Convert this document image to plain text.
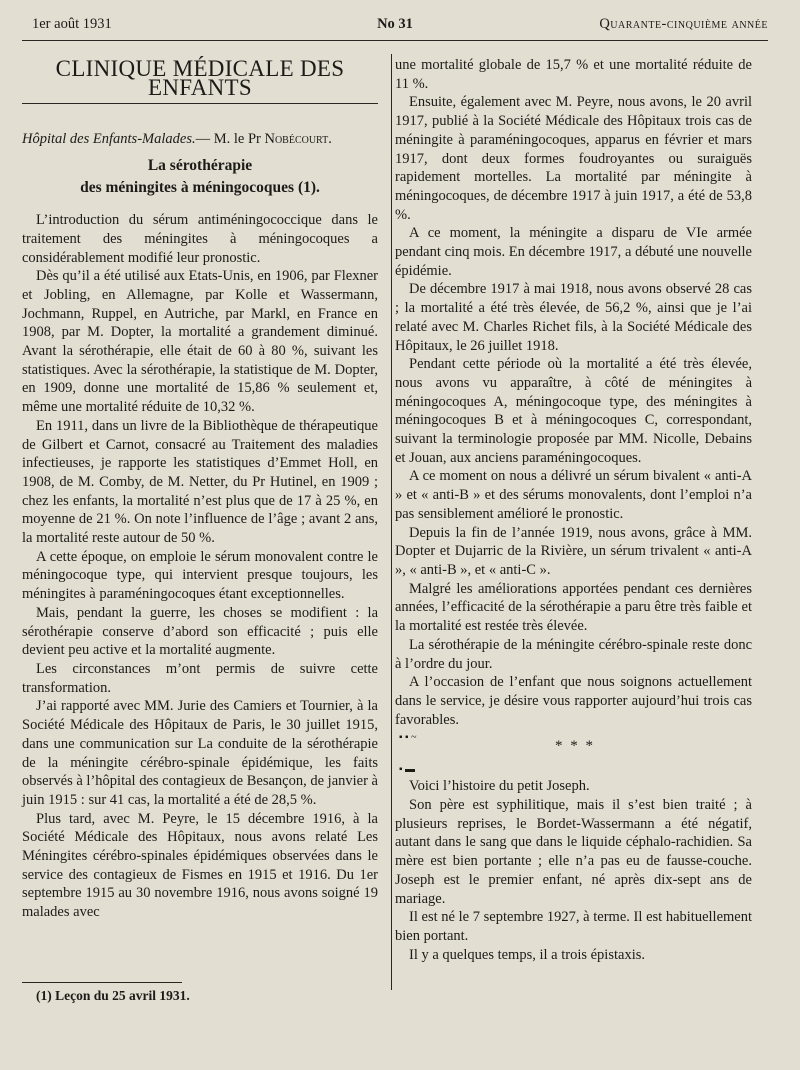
1er août 1931	No 31	Quarante-cinquième année
CLINIQUE MÉDICALE DES ENFANTS
Hôpital des Enfants-Malades.— M. le Pr Nobécourt.
La sérothérapie
des méningites à méningocoques (1).

L’introduction du sérum antiméningococcique dans le traitement des méningites à méningocoques a considérablement modifié leur pronostic.

Dès qu’il a été utilisé aux Etats-Unis, en 1906, par Flexner et Jobling, en Allemagne, par Kolle et Wassermann, Jochmann, Ruppel, en Autriche, par Markl, en France en 1908, par M. Dopter, la mortalité a grandement diminué. Avant la sérothérapie, elle était de 60 à 80 %, suivant les statistiques. Avec la sérothérapie, la statistique de M. Dopter, en 1909, donne une mortalité de 15,86 % seulement et, même une mortalité réduite de 10,32 %.

En 1911, dans un livre de la Bibliothèque de thérapeutique de Gilbert et Carnot, consacré au Traitement des maladies infectieuses, je rapporte les statistiques d’Emmet Holl, en 1908, de M. Comby, de M. Netter, du Pr Hutinel, en 1909 ; chez les enfants, la mortalité n’est plus que de 17 à 25 %, en moyenne de 21 %. On note l’influence de l’âge ; avant 2 ans, la mortalité reste autour de 50 %.

A cette époque, on emploie le sérum monovalent contre le méningocoque type, qui intervient presque toujours, les méningites à paraméningocoques étant exceptionnelles.

Mais, pendant la guerre, les choses se modifient : la sérothérapie conserve d’abord son efficacité ; puis elle devient peu active et la mortalité augmente.

Les circonstances m’ont permis de suivre cette transformation.

J’ai rapporté avec MM. Jurie des Camiers et Tournier, à la Société Médicale des Hôpitaux de Paris, le 30 juillet 1915, dans une communication sur La conduite de la sérothérapie de la méningite cérébro-spinale épidémique, les faits observés à l’hôpital des contagieux de Besançon, de janvier à juin 1915 : sur 41 cas, la mortalité a été de 28,5 %.

Plus tard, avec M. Peyre, le 15 décembre 1916, à la Société Médicale des Hôpitaux, nous avons relaté Les Méningites cérébro-spinales épidémiques observées dans le service des contagieux de Fismes en 1915 et 1916. Du 1er septembre 1915 au 30 novembre 1916, nous avons soigné 19 malades avec

une mortalité globale de 15,7 % et une mortalité réduite de 11 %.

Ensuite, également avec M. Peyre, nous avons, le 20 avril 1917, publié à la Société Médicale des Hôpitaux trois cas de méningite à paraméningocoques, apparus en février et mars 1917, dont deux formes foudroyantes ou suraiguës rapidement mortelles. La mortalité par méningite à méningocoques, de décembre 1917 à juin 1917, a été de 53,8 %.

A ce moment, la méningite a disparu de VIe armée pendant cinq mois. En décembre 1917, a débuté une nouvelle épidémie.

De décembre 1917 à mai 1918, nous avons observé 28 cas ; la mortalité a été très élevée, de 56,2 %, ainsi que je l’ai relaté avec M. Charles Richet fils, à la Société Médicale des Hôpitaux, le 26 juillet 1918.

Pendant cette période où la mortalité a été très élevée, nous avons vu apparaître, à côté de méningites à méningocoques A, méningocoque type, des méningites à méningocoques B et à méningocoques C, correspondant, suivant la terminologie proposée par MM. Nicolle, Debains et Jouan, aux anciens paraméningocoques.

A ce moment on nous a délivré un sérum bivalent « anti-A » et « anti-B » et des sérums monovalents, dont l’emploi n’a pas sensiblement amélioré le pronostic.

Depuis la fin de l’année 1919, nous avons, grâce à MM. Dopter et Dujarric de la Rivière, un sérum trivalent « anti-A », « anti-B », et « anti-C ».

Malgré les améliorations apportées pendant ces dernières années, l’efficacité de la sérothérapie a paru être très faible et la mortalité est restée très élevée.

La sérothérapie de la méningite cérébro-spinale reste donc à l’ordre du jour.

A l’occasion de l’enfant que nous soignons actuellement dans le service, je désire vous rapporter aujourd’hui trois cas favorables.

▪ ▪ ~
* * *
▪ ▬

Voici l’histoire du petit Joseph.

Son père est syphilitique, mais il s’est bien traité ; à plusieurs reprises, le Bordet-Wassermann a été négatif, autant dans le sang que dans le liquide céphalo-rachidien. Sa mère est bien portante ; elle n’a pas eu de fausse-couche. Joseph est le premier enfant, né après dix-sept ans de mariage.

Il est né le 7 septembre 1927, à terme. Il est habituellement bien portant.

Il y a quelques temps, il a trois épistaxis.

(1) Leçon du 25 avril 1931.
